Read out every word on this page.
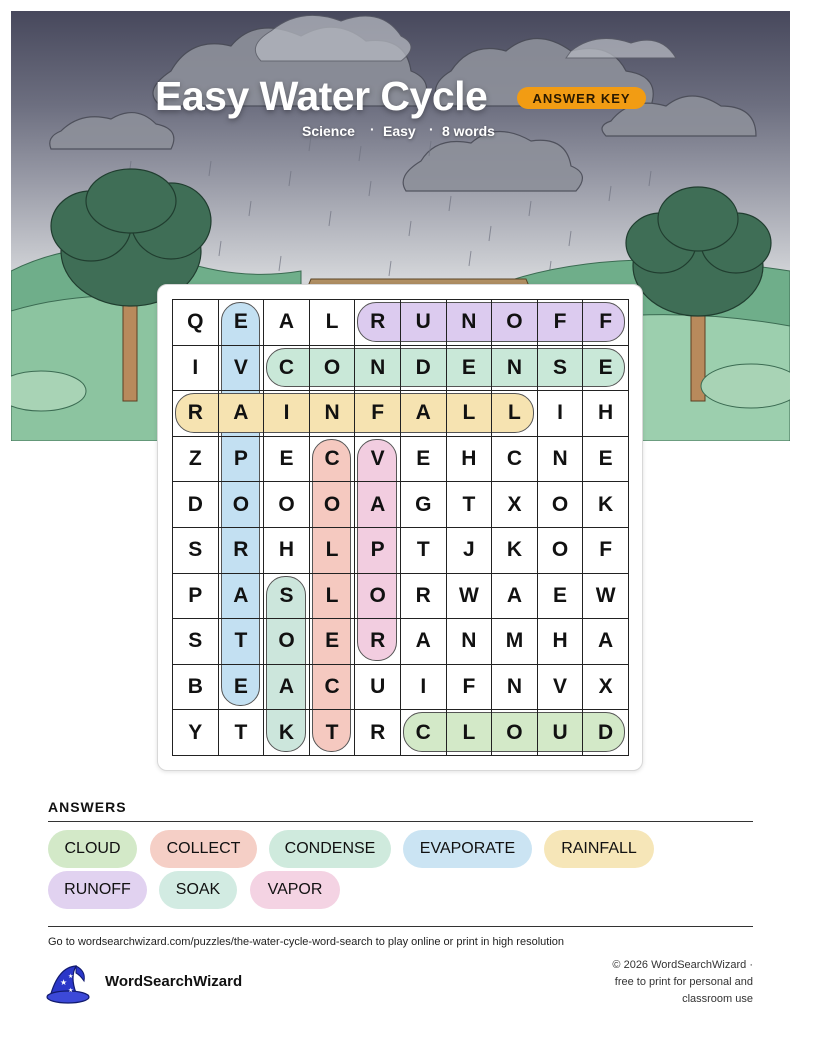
Easy Water Cycle	ANSWER KEY
Science · Easy · 8 words
Q	E	A	L	R	U	N	O	F	F
I	V	C	O	N	D	E	N	S	E
R	A	I	N	F	A	L	L	I	H
Z	P	E	C	V	E	H	C	N	E
D	O	O	O	A	G	T	X	O	K
S	R	H	L	P	T	J	K	O	F
P	A	S	L	O	R	W	A	E	W
S	T	O	E	R	A	N	M	H	A
B	E	A	C	U	I	F	N	V	X
Y	T	K	T	R	C	L	O	U	D
ANSWERS
CLOUD	COLLECT	CONDENSE	EVAPORATE	RAINFALL
RUNOFF	SOAK	VAPOR
Go to wordsearchwizard.com/puzzles/the-water-cycle-word-search to play online or print in high resolution
★
★
★
WordSearchWizard
© 2026 WordSearchWizard ·
free to print for personal and
classroom use
